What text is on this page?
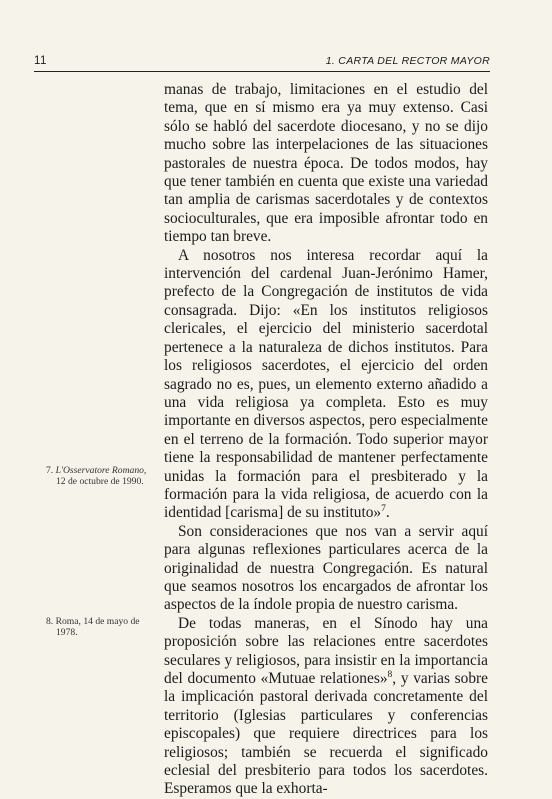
11	1. CARTA DEL RECTOR MAYOR

manas de trabajo, limitaciones en el estudio del tema, que en sí mismo era ya muy extenso. Casi sólo se habló del sacerdote diocesano, y no se dijo mucho sobre las interpelaciones de las situaciones pastorales de nuestra época. De todos modos, hay que tener también en cuenta que existe una variedad tan amplia de carismas sacerdotales y de contextos socioculturales, que era imposible afrontar todo en tiempo tan breve.

A nosotros nos interesa recordar aquí la intervención del cardenal Juan-Jerónimo Hamer, prefecto de la Congregación de institutos de vida consagrada. Dijo: «En los institutos religiosos clericales, el ejercicio del ministerio sacerdotal pertenece a la naturaleza de dichos institutos. Para los religiosos sacerdotes, el ejercicio del orden sagrado no es, pues, un elemento externo añadido a una vida religiosa ya completa. Esto es muy importante en diversos aspectos, pero especialmente en el terreno de la formación. Todo superior mayor tiene la responsabilidad de mantener perfectamente unidas la formación para el presbiterado y la formación para la vida religiosa, de acuerdo con la identidad [carisma] de su instituto»$^7$.

Son consideraciones que nos van a servir aquí para algunas reflexiones particulares acerca de la originalidad de nuestra Congregación. Es natural que seamos nosotros los encargados de afrontar los aspectos de la índole propia de nuestro carisma.

De todas maneras, en el Sínodo hay una proposición sobre las relaciones entre sacerdotes seculares y religiosos, para insistir en la importancia del documento «Mutuae relationes»$^8$, y varias sobre la implicación pastoral derivada concretamente del territorio (Iglesias particulares y conferencias episcopales) que requiere directrices para los religiosos; también se recuerda el significado eclesial del presbiterio para todos los sacerdotes. Esperamos que la exhorta-

7. L'Osservatore Romano,
12 de octubre de 1990.
8. Roma, 14 de mayo de
1978.
